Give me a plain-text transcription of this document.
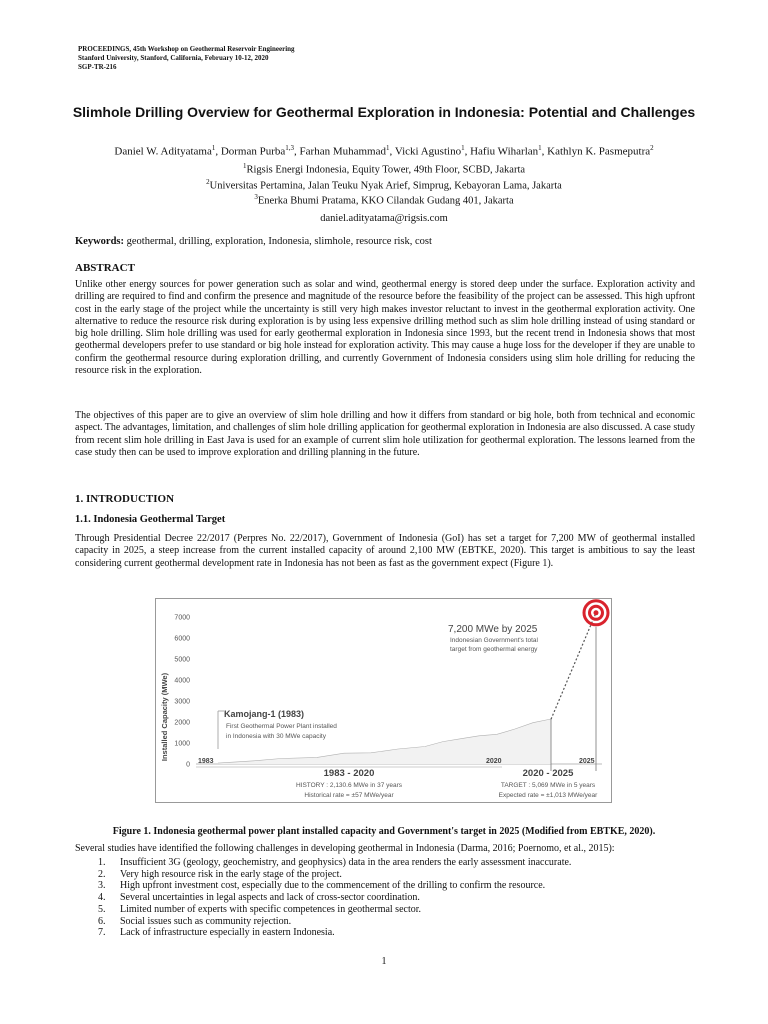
PROCEEDINGS, 45th Workshop on Geothermal Reservoir Engineering
Stanford University, Stanford, California, February 10-12, 2020
SGP-TR-216
Slimhole Drilling Overview for Geothermal Exploration in Indonesia: Potential and Challenges
Daniel W. Adityatama$^1$, Dorman Purba$^{1,3}$, Farhan Muhammad$^1$, Vicki Agustino$^1$, Hafiu Wiharlan$^1$, Kathlyn K. Pasmeputra$^2$
$^1$Rigsis Energi Indonesia, Equity Tower, 49th Floor, SCBD, Jakarta
$^2$Universitas Pertamina, Jalan Teuku Nyak Arief, Simprug, Kebayoran Lama, Jakarta
$^3$Enerka Bhumi Pratama, KKO Cilandak Gudang 401, Jakarta
daniel.adityatama@rigsis.com
Keywords: geothermal, drilling, exploration, Indonesia, slimhole, resource risk, cost
ABSTRACT
Unlike other energy sources for power generation such as solar and wind, geothermal energy is stored deep under the surface. Exploration activity and drilling are required to find and confirm the presence and magnitude of the resource before the feasibility of the project can be assessed. This high upfront cost in the early stage of the project while the uncertainty is still very high makes investor reluctant to invest in the geothermal exploration activity. One alternative to reduce the resource risk during exploration is by using less expensive drilling method such as slim hole drilling instead of using standard or big hole drilling. Slim hole drilling was used for early geothermal exploration in Indonesia since 1993, but the recent trend in Indonesia shows that most geothermal developers prefer to use standard or big hole instead for exploration activity. This may cause a huge loss for the developer if they are unable to confirm the geothermal resource during exploration drilling, and currently Government of Indonesia considers using slim hole drilling for reducing the resource risk in the exploration.
The objectives of this paper are to give an overview of slim hole drilling and how it differs from standard or big hole, both from technical and economic aspect. The advantages, limitation, and challenges of slim hole drilling application for geothermal exploration in Indonesia are also discussed. A case study from recent slim hole drilling in East Java is used for an example of current slim hole utilization for geothermal exploration. The lessons learned from the case study then can be used to improve exploration and drilling planning in the future.
1. INTRODUCTION
1.1. Indonesia Geothermal Target
Through Presidential Decree 22/2017 (Perpres No. 22/2017), Government of Indonesia (GoI) has set a target for 7,200 MW of geothermal installed capacity in 2025, a steep increase from the current installed capacity of around 2,100 MW (EBTKE, 2020). This target is ambitious to say the least considering current geothermal development rate in Indonesia has not been as fast as the government expect (Figure 1).
0
1000
2000
3000
4000
5000
6000
7000
Installed Capacity (MWe)
1983	2020	2025
7,200 MWe by 2025
Indonesian Government's total
target from geothermal energy
Kamojang-1 (1983)
First Geothermal Power Plant installed
in Indonesia with 30 MWe capacity
1983 - 2020	2020 - 2025
HISTORY : 2,130.6 MWe in 37 years
Historical rate = ±57 MWe/year
TARGET : 5,069 MWe in 5 years
Expected rate = ±1,013 MWe/year
Figure 1. Indonesia geothermal power plant installed capacity and Government's target in 2025 (Modified from EBTKE, 2020).
Several studies have identified the following challenges in developing geothermal in Indonesia (Darma, 2016; Poernomo, et al., 2015):
1. Insufficient 3G (geology, geochemistry, and geophysics) data in the area renders the early assessment inaccurate.
2. Very high resource risk in the early stage of the project.
3. High upfront investment cost, especially due to the commencement of the drilling to confirm the resource.
4. Several uncertainties in legal aspects and lack of cross-sector coordination.
5. Limited number of experts with specific competences in geothermal sector.
6. Social issues such as community rejection.
7. Lack of infrastructure especially in eastern Indonesia.
1
